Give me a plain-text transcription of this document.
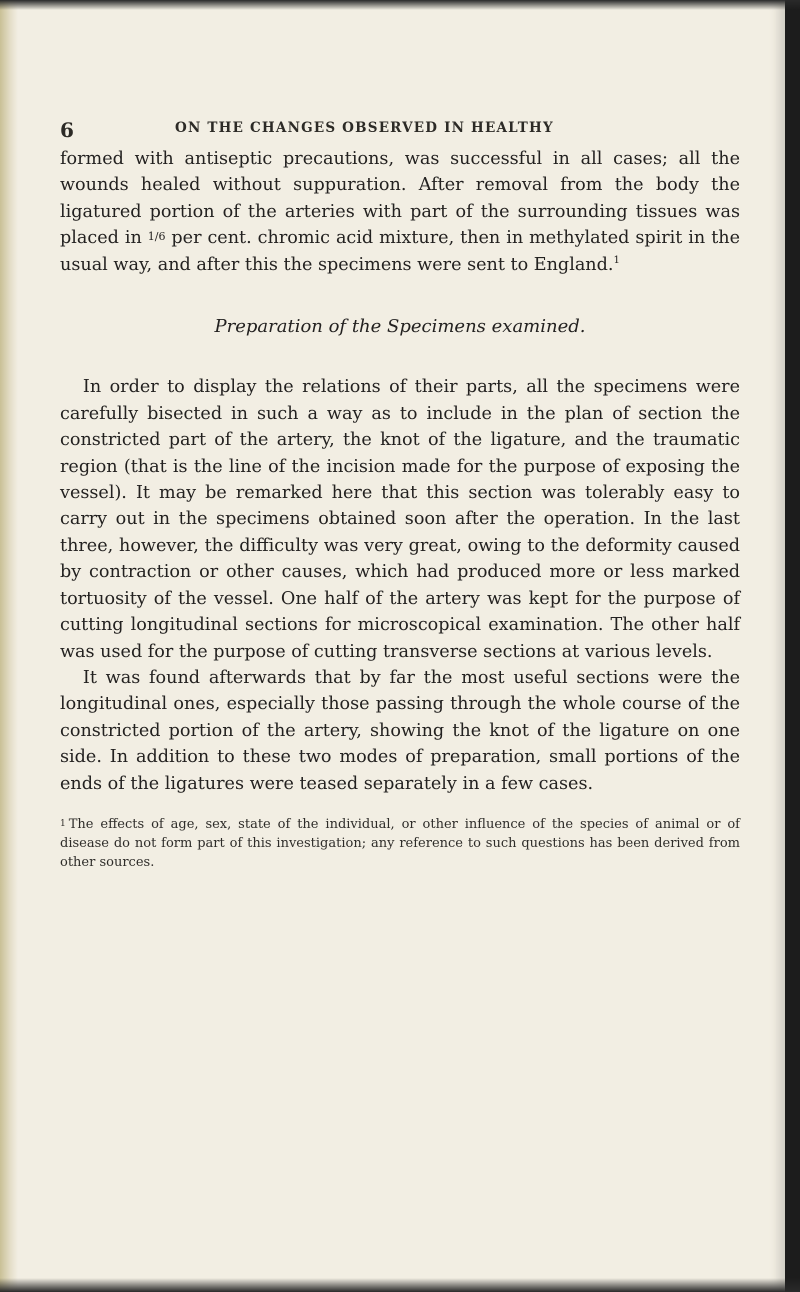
6	ON THE CHANGES OBSERVED IN HEALTHY

formed with antiseptic precautions, was successful in all cases; all the wounds healed without suppuration. After removal from the body the ligatured portion of the arteries with part of the surrounding tissues was placed in 1/6 per cent. chromic acid mixture, then in methylated spirit in the usual way, and after this the specimens were sent to England.$^1$

Preparation of the Specimens examined.

In order to display the relations of their parts, all the specimens were carefully bisected in such a way as to include in the plan of section the constricted part of the artery, the knot of the ligature, and the traumatic region (that is the line of the incision made for the purpose of exposing the vessel). It may be remarked here that this section was tolerably easy to carry out in the specimens obtained soon after the operation. In the last three, however, the difficulty was very great, owing to the deformity caused by contraction or other causes, which had produced more or less marked tortuosity of the vessel. One half of the artery was kept for the purpose of cutting longitudinal sections for microscopical examination. The other half was used for the purpose of cutting transverse sections at various levels.

It was found afterwards that by far the most useful sections were the longitudinal ones, especially those passing through the whole course of the constricted portion of the artery, showing the knot of the ligature on one side. In addition to these two modes of preparation, small portions of the ends of the ligatures were teased separately in a few cases.

1 The effects of age, sex, state of the individual, or other influence of the species of animal or of disease do not form part of this investigation; any reference to such questions has been derived from other sources.
